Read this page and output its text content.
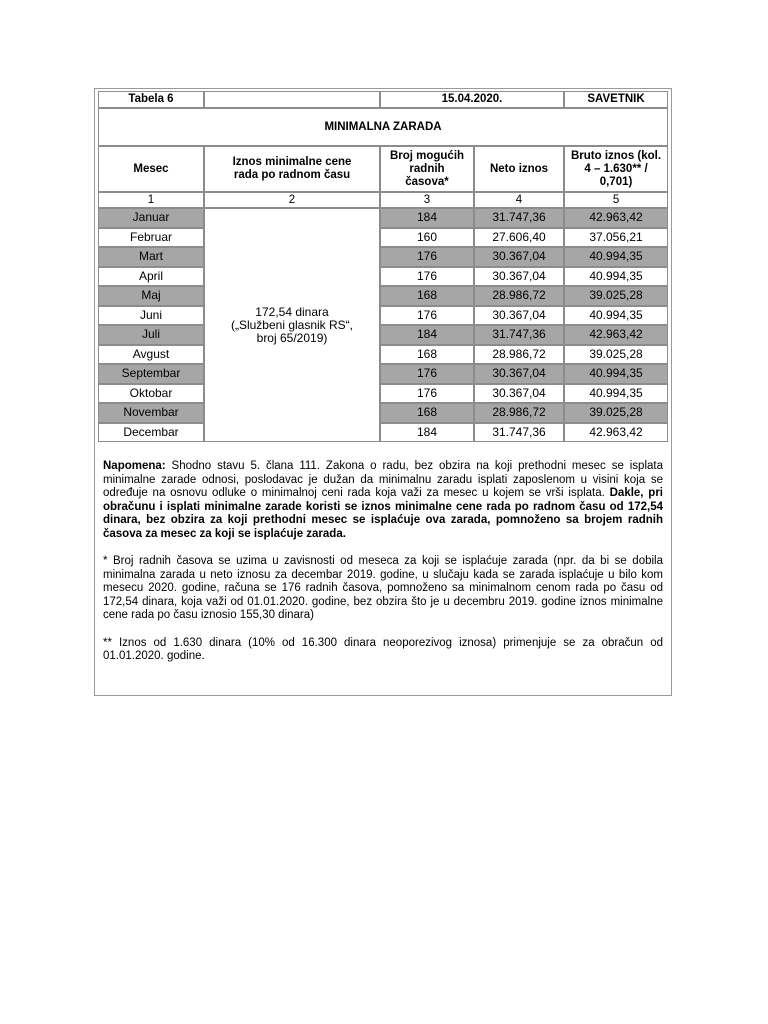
Tabela 6		15.04.2020.		SAVETNIK
MINIMALNA ZARADA				
Mesec	Iznos minimalne cene rada po radnom času	Broj mogućih radnih časova*	Neto iznos	Bruto iznos (kol. 4 – 1.630** / 0,701)
1	2	3	4	5
Januar	172,54 dinara
(„Službeni glasnik RS“,
broj 65/2019)	184	31.747,36	42.963,42
Februar		160	27.606,40	37.056,21
Mart		176	30.367,04	40.994,35
April		176	30.367,04	40.994,35
Maj		168	28.986,72	39.025,28
Juni		176	30.367,04	40.994,35
Juli		184	31.747,36	42.963,42
Avgust		168	28.986,72	39.025,28
Septembar		176	30.367,04	40.994,35
Oktobar		176	30.367,04	40.994,35
Novembar		168	28.986,72	39.025,28
Decembar		184	31.747,36	42.963,42

Napomena: Shodno stavu 5. člana 111. Zakona o radu, bez obzira na koji prethodni mesec se isplata minimalne zarade odnosi, poslodavac je dužan da minimalnu zaradu isplati zaposlenom u visini koja se određuje na osnovu odluke o minimalnoj ceni rada koja važi za mesec u kojem se vrši isplata. Dakle, pri obračunu i isplati minimalne zarade koristi se iznos minimalne cene rada po radnom času od 172,54 dinara, bez obzira za koji prethodni mesec se isplaćuje ova zarada, pomnoženo sa brojem radnih časova za mesec za koji se isplaćuje zarada.

* Broj radnih časova se uzima u zavisnosti od meseca za koji se isplaćuje zarada (npr. da bi se dobila minimalna zarada u neto iznosu za decembar 2019. godine, u slučaju kada se zarada isplaćuje u bilo kom mesecu 2020. godine, računa se 176 radnih časova, pomnoženo sa minimalnom cenom rada po času od 172,54 dinara, koja važi od 01.01.2020. godine, bez obzira što je u decembru 2019. godine iznos minimalne cene rada po času iznosio 155,30 dinara)

** Iznos od 1.630 dinara (10% od 16.300 dinara neoporezivog iznosa) primenjuje se za obračun od 01.01.2020. godine.
